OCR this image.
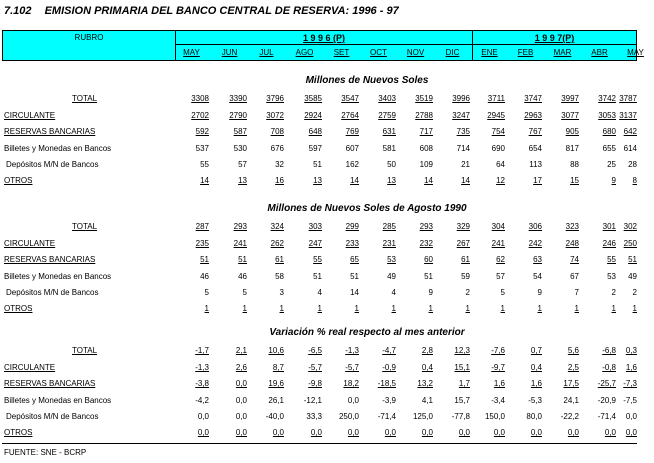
7.102 EMISION PRIMARIA DEL BANCO CENTRAL DE RESERVA: 1996 - 97
RUBRO	1 9 9 6 (P)	1 9 9 7(P)
MAY	JUN	JUL	AGO	SET	OCT	NOV	DIC	ENE	FEB	MAR	ABR	MAY
Millones de Nuevos Soles
TOTAL	3308	3390	3796	3585	3547	3403	3519	3996	3711	3747	3997	3742 3787
CIRCULANTE	2702	2790	3072	2924	2764	2759	2788	3247	2945	2963	3077	3053 3137
RESERVAS BANCARIAS	592	587	708	648	769	631	717	735	754	767	905	680 642
Billetes y Monedas en Bancos	537	530	676	597	607	581	608	714	690	654	817	655 614
Depósitos M/N de Bancos	55	57	32	51	162	50	109	21	64	113	88	25	28
OTROS	14	13	16	13	14	13	14	14	12	17	15	9	8
Millones de Nuevos Soles de Agosto 1990
TOTAL	287	293	324	303	299	285	293	329	304	306	323	301 302
CIRCULANTE	235	241	262	247	233	231	232	267	241	242	248	246 250
RESERVAS BANCARIAS	51	51	61	55	65	53	60	61	62	63	74	55	51
Billetes y Monedas en Bancos	46	46	58	51	51	49	51	59	57	54	67	53	49
Depósitos M/N de Bancos	5	5	3	4	14	4	9	2	5	9	7	2	2
OTROS	1	1	1	1	1	1	1	1	1	1	1	1	1
Variación % real respecto al mes anterior
TOTAL	-1,7	2,1	10,6	-6,5	-1,3	-4,7	2,8	12,3	-7,6	0,7	5,6	-6,8	0,3
CIRCULANTE	-1,3	2,6	8,7	-5,7	-5,7	-0,9	0,4	15,1	-9,7	0,4	2,5	-0,8	1,6
RESERVAS BANCARIAS	-3,8	0,0	19,6	-9,8	18,2	-18,5	13,2	1,7	1,6	1,6	17,5	-25,7 -7,3
Billetes y Monedas en Bancos	-4,2	0,0	26,1	-12,1	0,0	-3,9	4,1	15,7	-3,4	-5,3	24,1	-20,9 -7,5
Depósitos M/N de Bancos	0,0	0,0	-40,0	33,3	250,0	-71,4	125,0	-77,8	150,0	80,0	-22,2	-71,4	0,0
OTROS	0,0	0,0	0,0	0,0	0,0	0,0	0,0	0,0	0,0	0,0	0,0	0,0	0,0
FUENTE: SNE - BCRP
